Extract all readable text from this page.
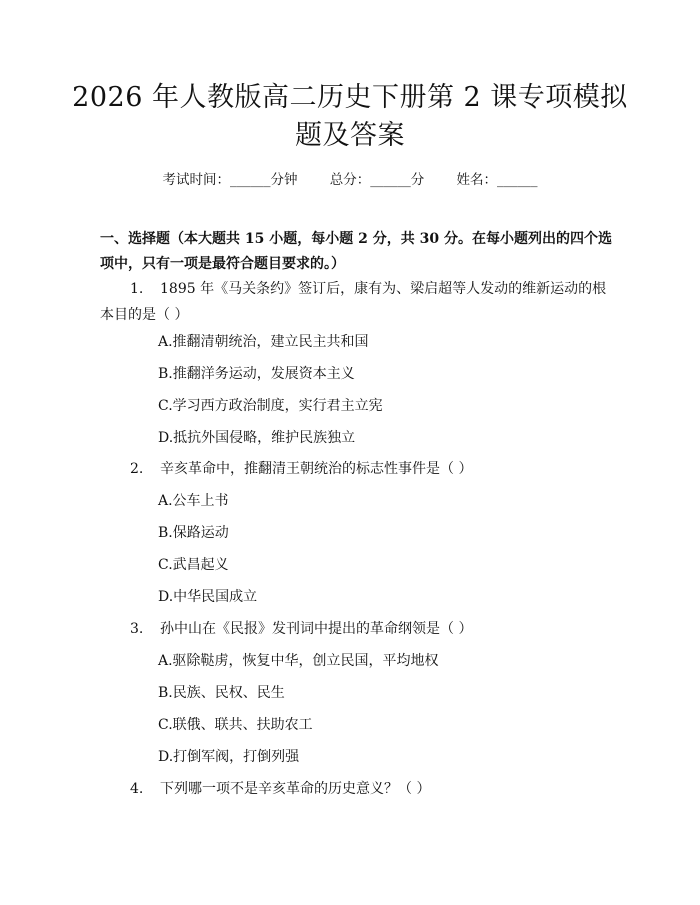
2026 年人教版高二历史下册第 2 课专项模拟
题及答案
考试时间：______分钟 总分：______分 姓名：______
一、选择题（本大题共 15 小题，每小题 2 分，共 30 分。在每小题列出的四个选项中，只有一项是最符合题目要求的。）
1. 1895 年《马关条约》签订后，康有为、梁启超等人发动的维新运动的根
本目的是（ ）
A.推翻清朝统治，建立民主共和国
B.推翻洋务运动，发展资本主义
C.学习西方政治制度，实行君主立宪
D.抵抗外国侵略，维护民族独立
2. 辛亥革命中，推翻清王朝统治的标志性事件是（ ）
A.公车上书
B.保路运动
C.武昌起义
D.中华民国成立
3. 孙中山在《民报》发刊词中提出的革命纲领是（ ）
A.驱除鞑虏，恢复中华，创立民国，平均地权
B.民族、民权、民生
C.联俄、联共、扶助农工
D.打倒军阀，打倒列强
4. 下列哪一项不是辛亥革命的历史意义？（ ）
